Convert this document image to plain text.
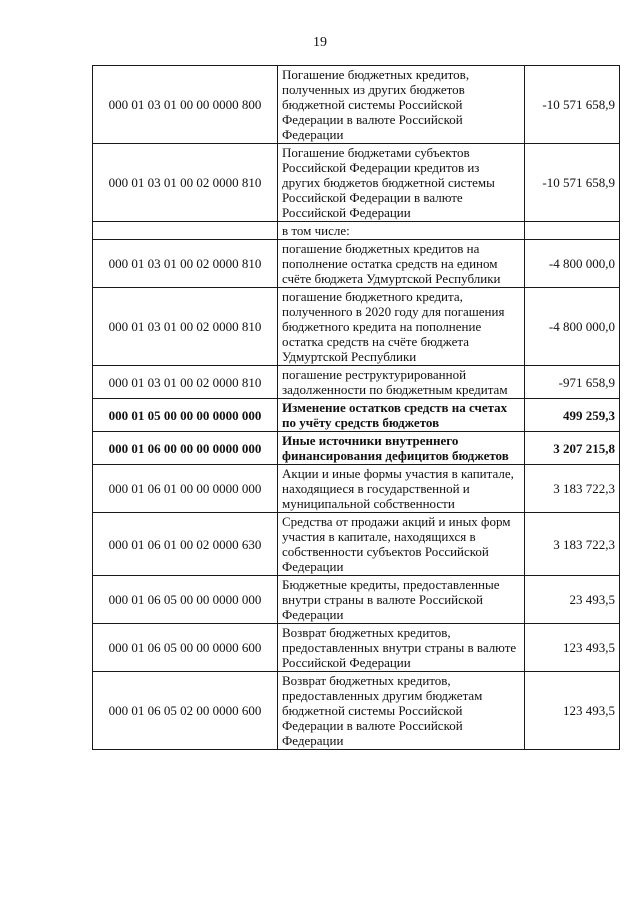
19
000 01 03 01 00 00 0000 800	Погашение бюджетных кредитов, полученных из других бюджетов бюджетной системы Российской Федерации в валюте Российской Федерации	-10 571 658,9
000 01 03 01 00 02 0000 810	Погашение бюджетами субъектов Российской Федерации кредитов из других бюджетов бюджетной системы Российской Федерации в валюте Российской Федерации	-10 571 658,9
	в том числе:	
000 01 03 01 00 02 0000 810	погашение бюджетных кредитов на пополнение остатка средств на едином счёте бюджета Удмуртской Республики	-4 800 000,0
000 01 03 01 00 02 0000 810	погашение бюджетного кредита, полученного в 2020 году для погашения бюджетного кредита на пополнение остатка средств на счёте бюджета Удмуртской Республики	-4 800 000,0
000 01 03 01 00 02 0000 810	погашение реструктурированной задолженности по бюджетным кредитам	-971 658,9
000 01 05 00 00 00 0000 000	Изменение остатков средств на счетах по учёту средств бюджетов	499 259,3
000 01 06 00 00 00 0000 000	Иные источники внутреннего финансирования дефицитов бюджетов	3 207 215,8
000 01 06 01 00 00 0000 000	Акции и иные формы участия в капитале, находящиеся в государственной и муниципальной собственности	3 183 722,3
000 01 06 01 00 02 0000 630	Средства от продажи акций и иных форм участия в капитале, находящихся в собственности субъектов Российской Федерации	3 183 722,3
000 01 06 05 00 00 0000 000	Бюджетные кредиты, предоставленные внутри страны в валюте Российской Федерации	23 493,5
000 01 06 05 00 00 0000 600	Возврат бюджетных кредитов, предоставленных внутри страны в валюте Российской Федерации	123 493,5
000 01 06 05 02 00 0000 600	Возврат бюджетных кредитов, предоставленных другим бюджетам бюджетной системы Российской Федерации в валюте Российской Федерации	123 493,5
